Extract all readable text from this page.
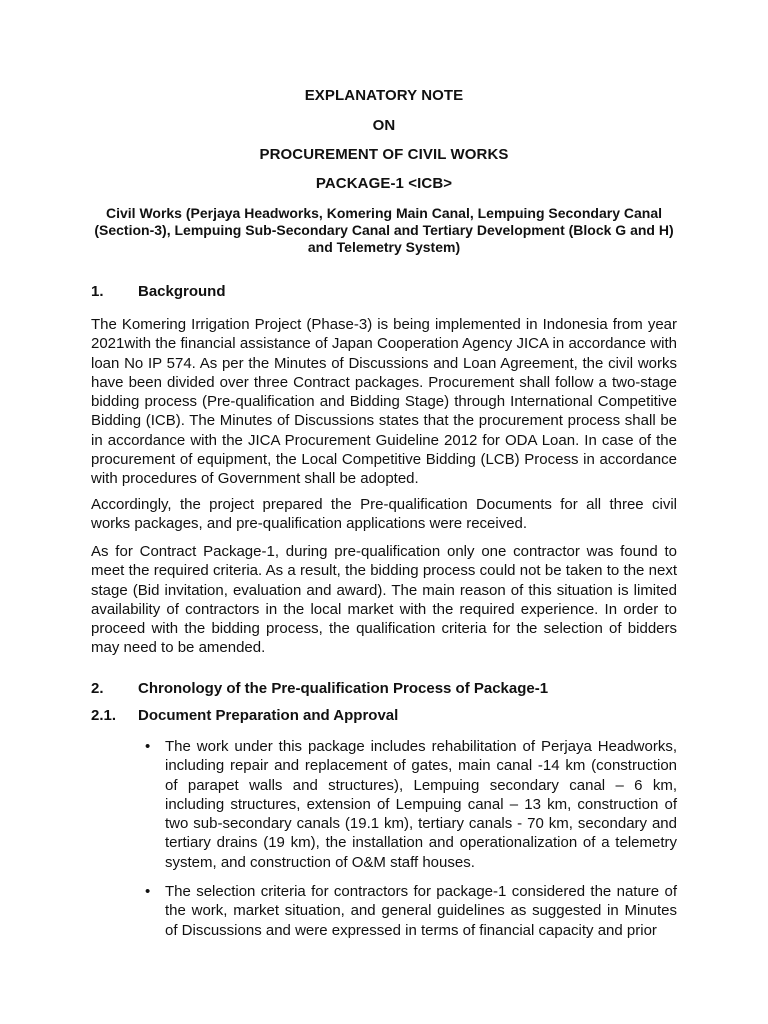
EXPLANATORY NOTE
ON
PROCUREMENT OF CIVIL WORKS
PACKAGE-1 <ICB>
Civil Works (Perjaya Headworks, Komering Main Canal, Lempuing Secondary Canal (Section-3), Lempuing Sub-Secondary Canal and Tertiary Development (Block G and H) and Telemetry System)
1. Background
The Komering Irrigation Project (Phase-3) is being implemented in Indonesia from year 2021with the financial assistance of Japan Cooperation Agency JICA in accordance with loan No IP 574. As per the Minutes of Discussions and Loan Agreement, the civil works have been divided over three Contract packages. Procurement shall follow a two-stage bidding process (Pre-qualification and Bidding Stage) through International Competitive Bidding (ICB). The Minutes of Discussions states that the procurement process shall be in accordance with the JICA Procurement Guideline 2012 for ODA Loan. In case of the procurement of equipment, the Local Competitive Bidding (LCB) Process in accordance with procedures of Government shall be adopted.
Accordingly, the project prepared the Pre-qualification Documents for all three civil works packages, and pre-qualification applications were received.
As for Contract Package-1, during pre-qualification only one contractor was found to meet the required criteria. As a result, the bidding process could not be taken to the next stage (Bid invitation, evaluation and award). The main reason of this situation is limited availability of contractors in the local market with the required experience. In order to proceed with the bidding process, the qualification criteria for the selection of bidders may need to be amended.
2. Chronology of the Pre-qualification Process of Package-1
2.1. Document Preparation and Approval
• The work under this package includes rehabilitation of Perjaya Headworks, including repair and replacement of gates, main canal -14 km (construction of parapet walls and structures), Lempuing secondary canal – 6 km, including structures, extension of Lempuing canal – 13 km, construction of two sub-secondary canals (19.1 km), tertiary canals - 70 km, secondary and tertiary drains (19 km), the installation and operationalization of a telemetry system, and construction of O&M staff houses.
• The selection criteria for contractors for package-1 considered the nature of the work, market situation, and general guidelines as suggested in Minutes of Discussions and were expressed in terms of financial capacity and prior
